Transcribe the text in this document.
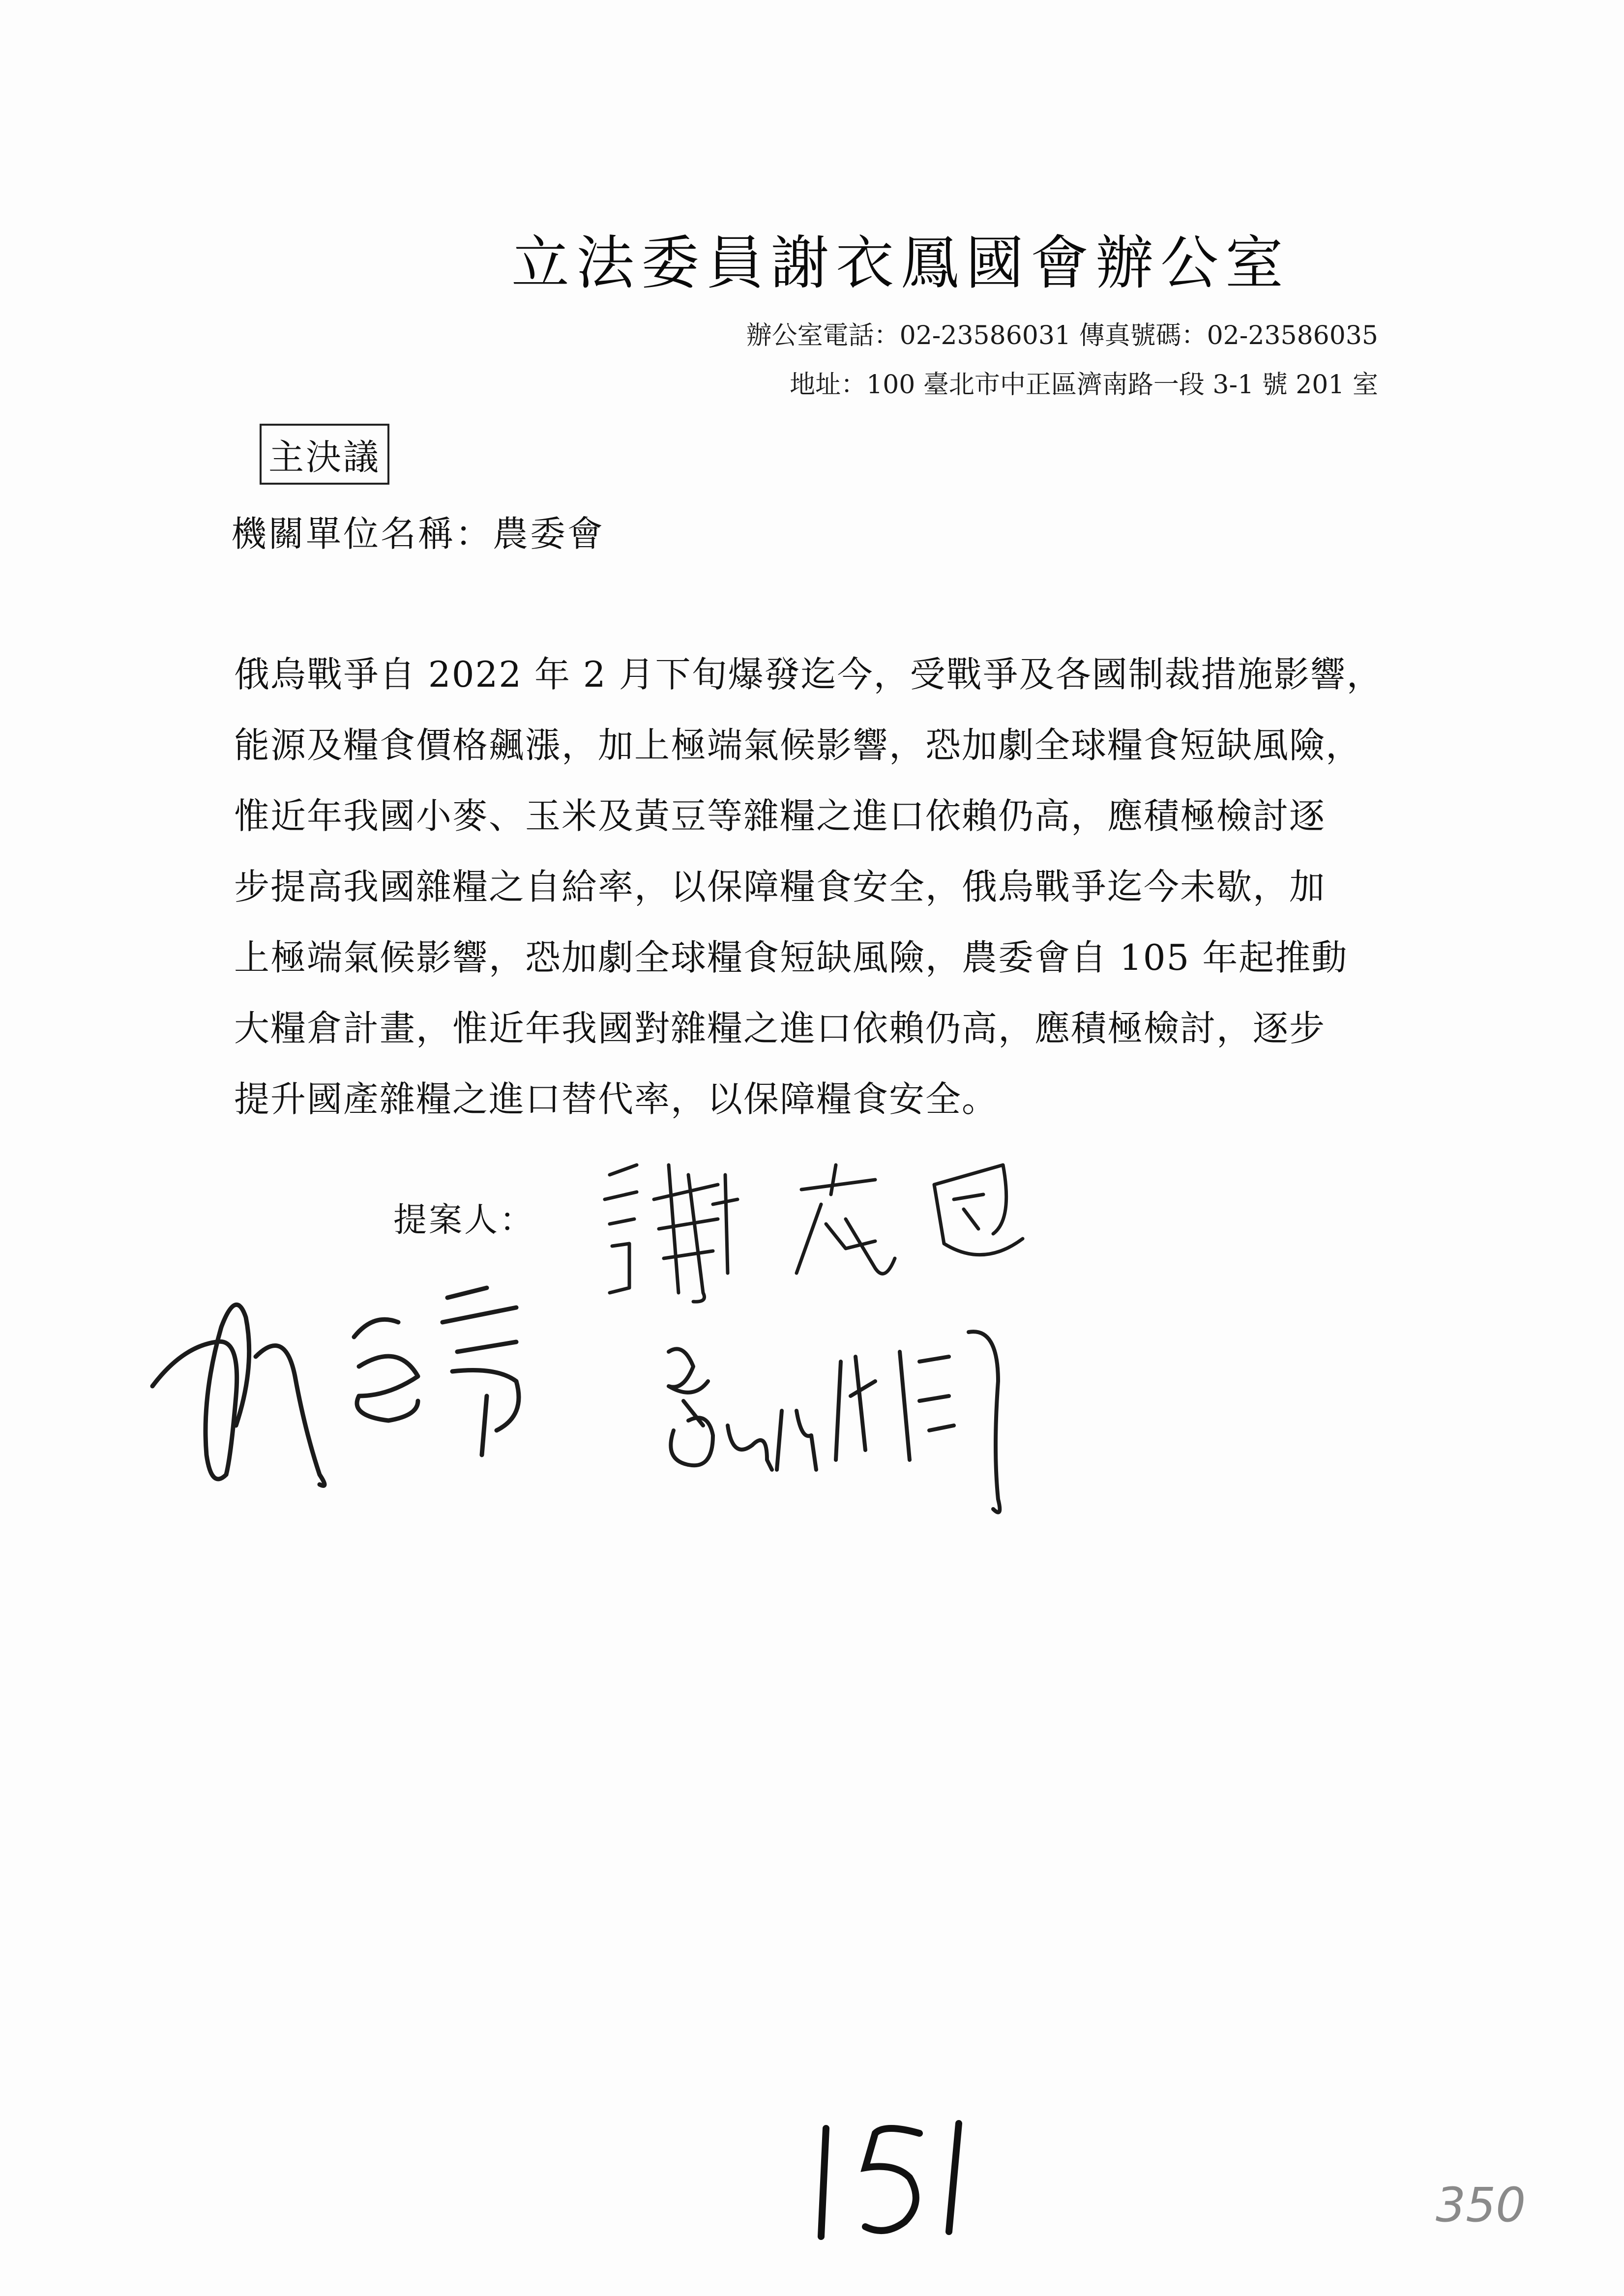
立法委員謝衣鳳國會辦公室
辦公室電話：02-23586031 傳真號碼：02-23586035
地址：100 臺北市中正區濟南路一段 3-1 號 201 室
主決議
機關單位名稱：農委會
俄烏戰爭自 2022 年 2 月下旬爆發迄今，受戰爭及各國制裁措施影響，
能源及糧食價格飆漲，加上極端氣候影響，恐加劇全球糧食短缺風險，
惟近年我國小麥、玉米及黃豆等雜糧之進口依賴仍高，應積極檢討逐
步提高我國雜糧之自給率，以保障糧食安全，俄烏戰爭迄今未歇，加
上極端氣候影響，恐加劇全球糧食短缺風險，農委會自 105 年起推動
大糧倉計畫，惟近年我國對雜糧之進口依賴仍高，應積極檢討，逐步
提升國產雜糧之進口替代率，以保障糧食安全。
提案人：
350
